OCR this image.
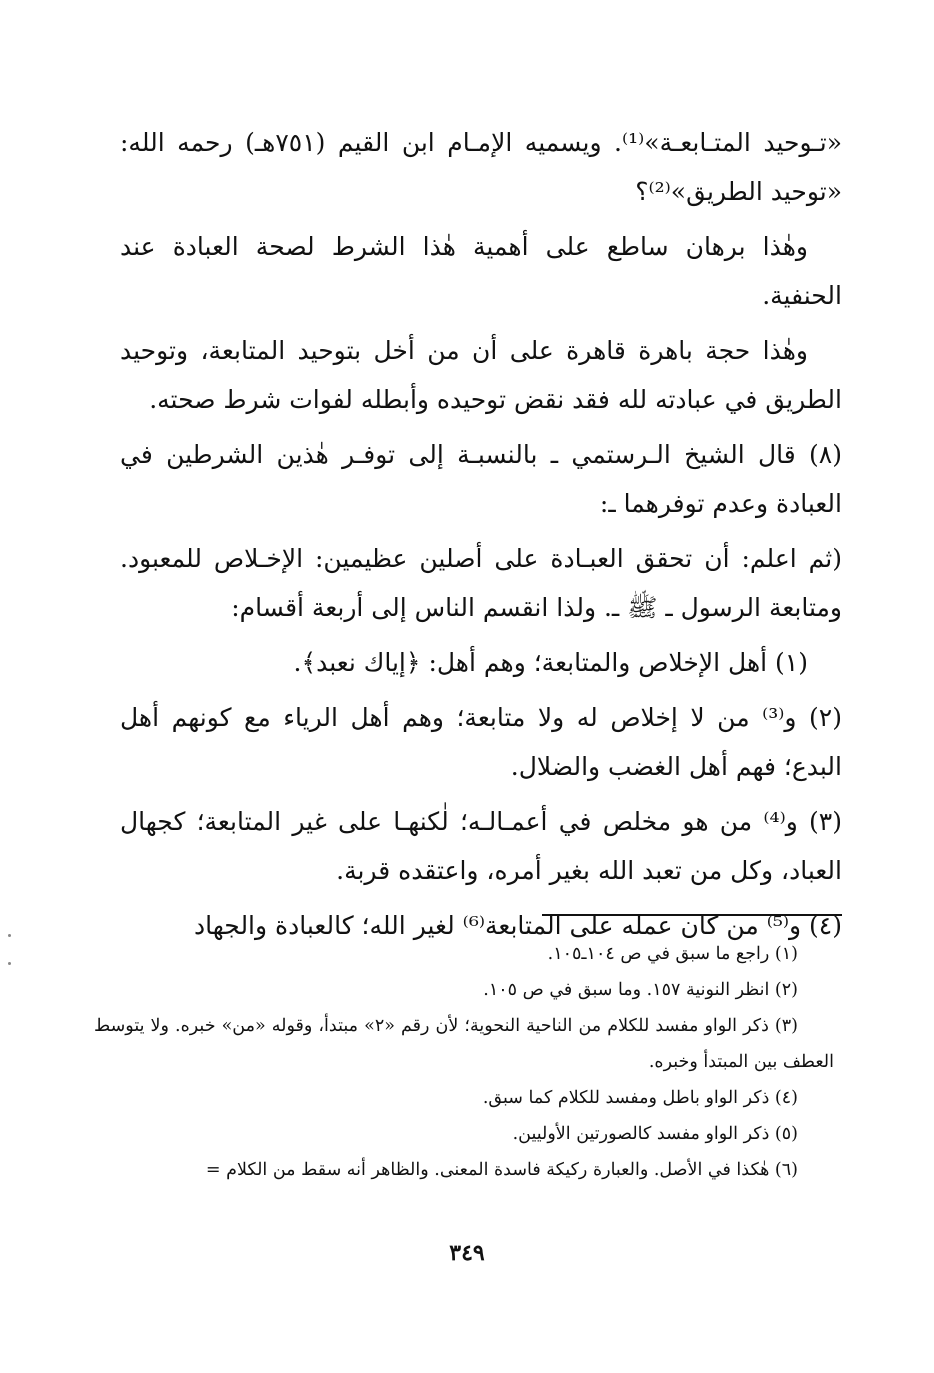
«تـوحيد المتـابعـة»⁽¹⁾. ويسميه الإمـام ابن القيم (٧٥١هـ) رحمه الله: «توحيد الطريق»⁽²⁾؟

وهٰذا برهان ساطع على أهمية هٰذا الشرط لصحة العبادة عند الحنفية.

وهٰذا حجة باهرة قاهرة على أن من أخل بتوحيد المتابعة، وتوحيد الطريق في عبادته لله فقد نقض توحيده وأبطله لفوات شرط صحته.

(٨) قال الشيخ الـرستمي ـ بالنسبـة إلى توفـر هٰذين الشرطين في العبادة وعدم توفرهما ـ:

(ثم اعلم: أن تحقق العبـادة على أصلين عظيمين: الإخـلاص للمعبود. ومتابعة الرسول ـ ﷺ ـ. ولذا انقسم الناس إلى أربعة أقسام:

(١) أهل الإخلاص والمتابعة؛ وهم أهل: ﴿إياك نعبد﴾.

(٢) و⁽³⁾ من لا إخلاص له ولا متابعة؛ وهم أهل الرياء مع كونهم أهل البدع؛ فهم أهل الغضب والضلال.

(٣) و⁽⁴⁾ من هو مخلص في أعمـالـه؛ لٰكنهـا على غير المتابعة؛ كجهال العباد، وكل من تعبد الله بغير أمره، واعتقده قربة.

(٤) و⁽⁵⁾ من كان عمله على المتابعة⁽⁶⁾ لغير الله؛ كالعبادة والجهاد

(١) راجع ما سبق في ص ١٠٤ـ١٠٥.

(٢) انظر النونية ١٥٧. وما سبق في ص ١٠٥.

(٣) ذكر الواو مفسد للكلام من الناحية النحوية؛ لأن رقم «٢» مبتدأ، وقوله «من» خبره. ولا يتوسط العطف بين المبتدأ وخبره.

(٤) ذكر الواو باطل ومفسد للكلام كما سبق.

(٥) ذكر الواو مفسد كالصورتين الأوليين.

(٦) هٰكذا في الأصل. والعبارة ركيكة فاسدة المعنى. والظاهر أنه سقط من الكلام =

٣٤٩
